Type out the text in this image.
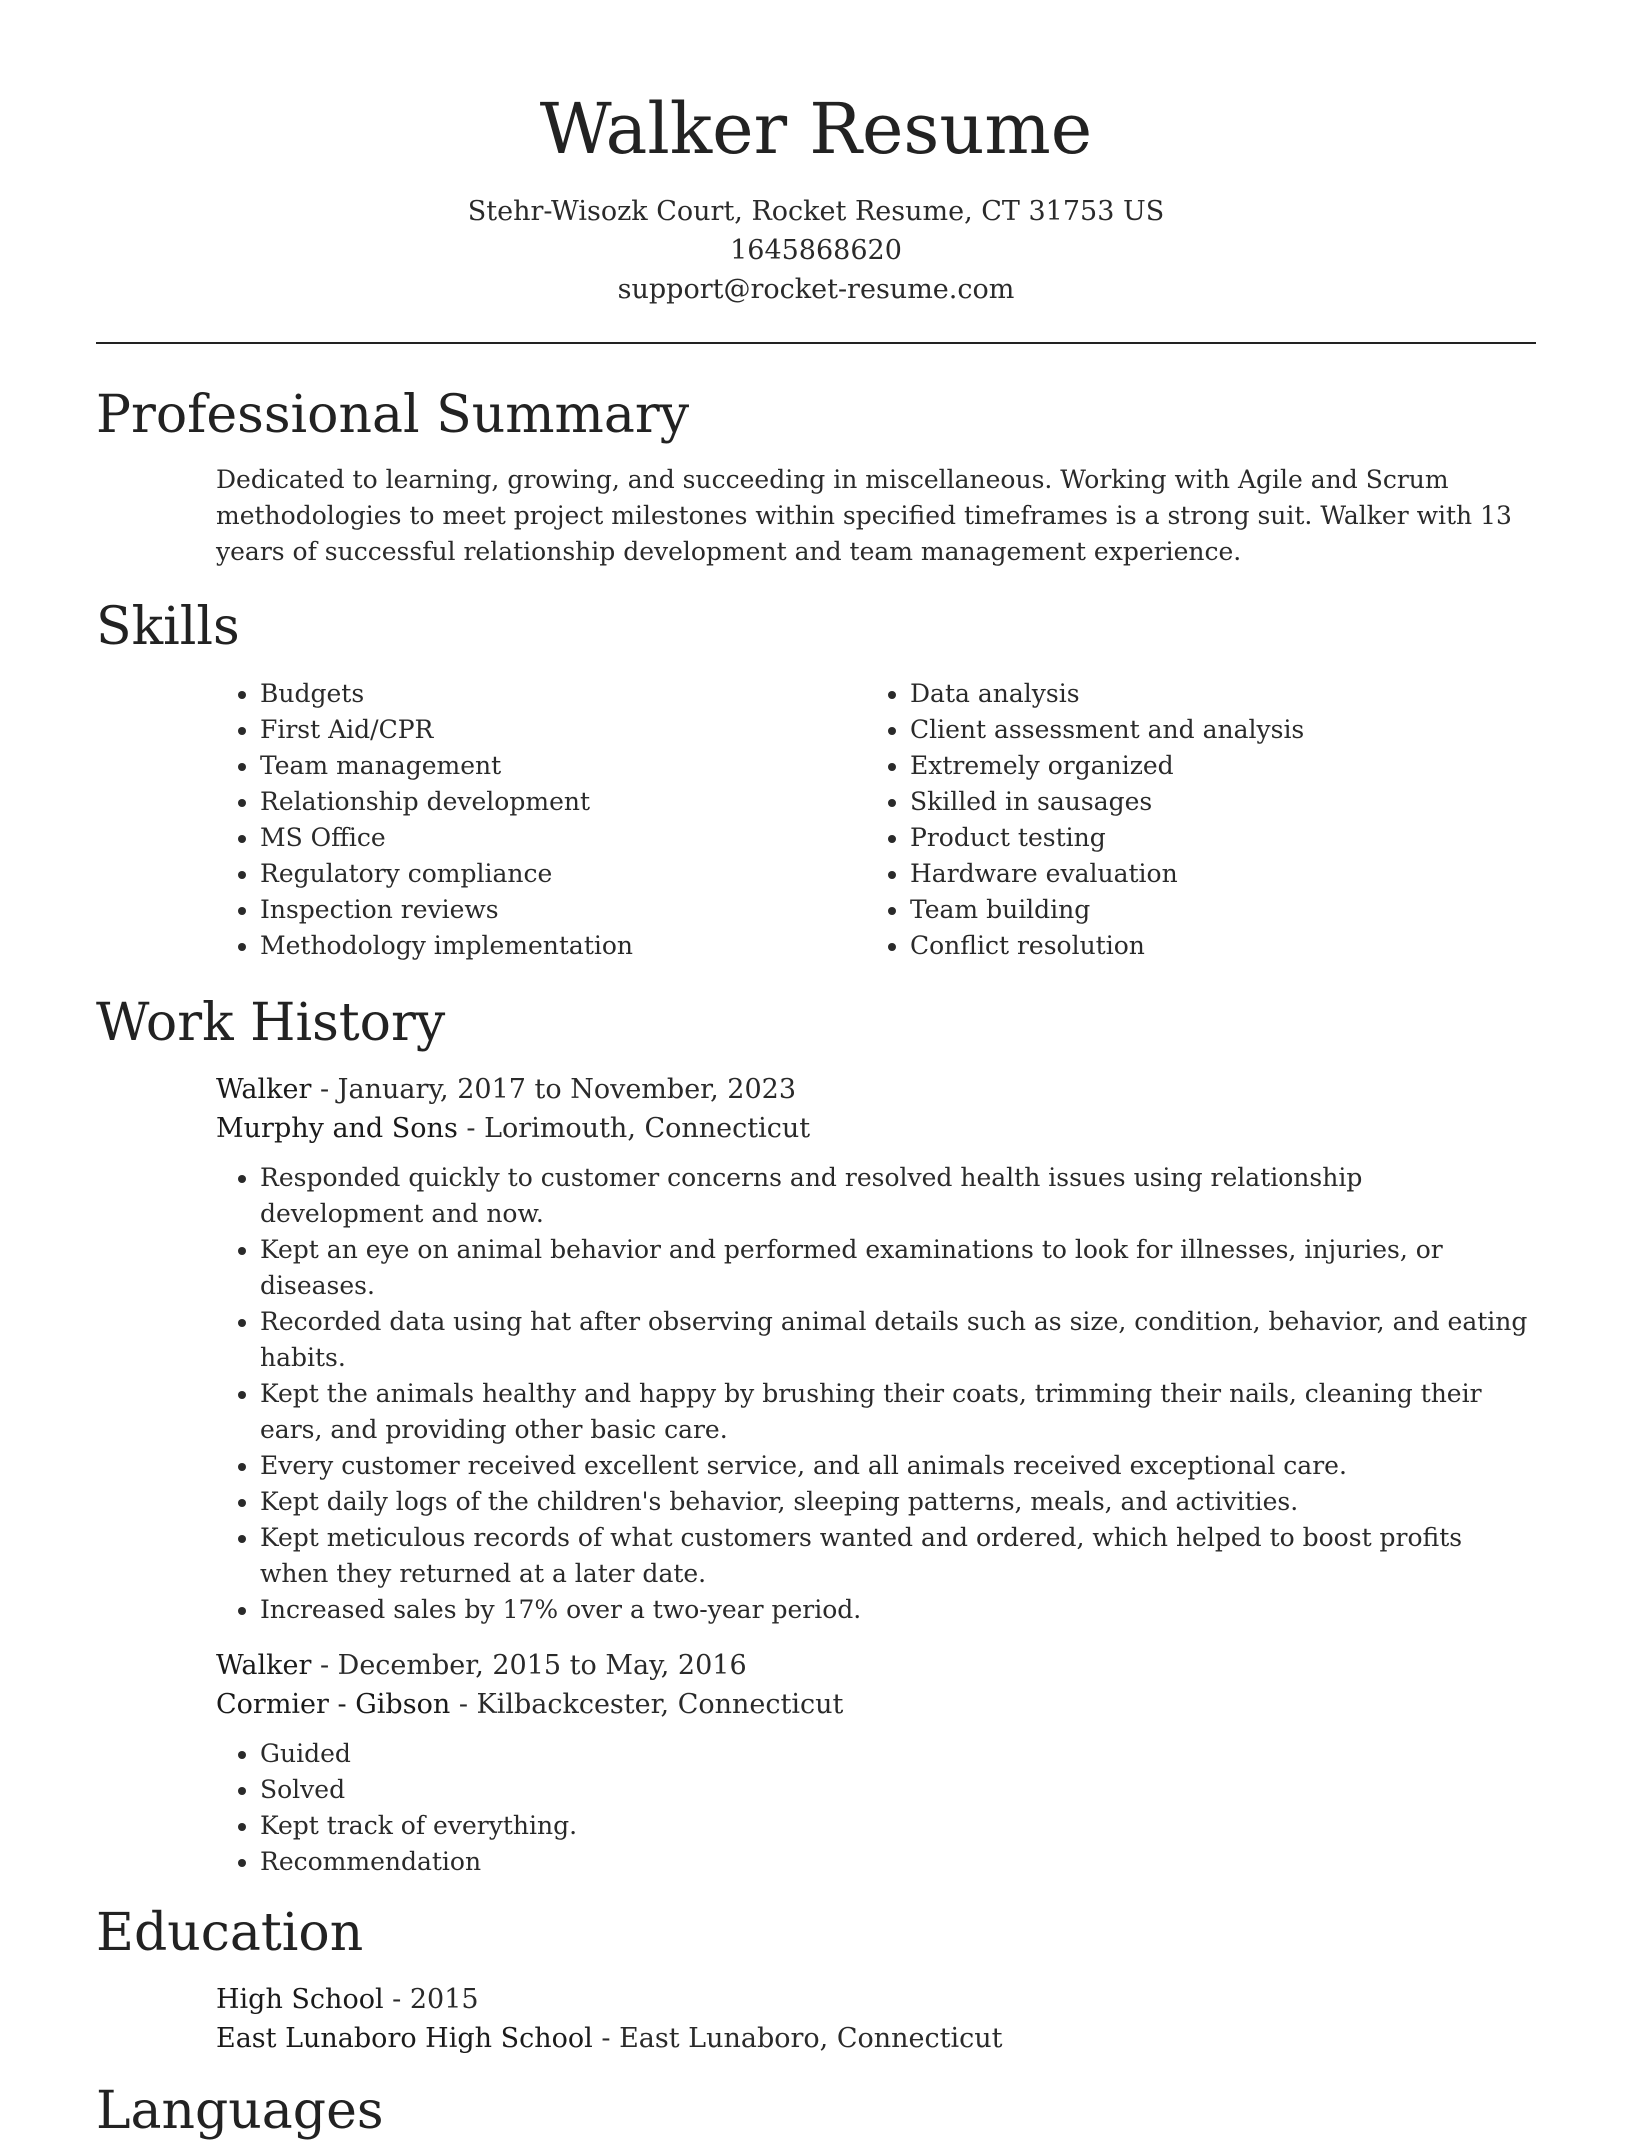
Walker Resume
Stehr-Wisozk Court, Rocket Resume, CT 31753 US
1645868620
support@rocket-resume.com
Professional Summary

Dedicated to learning, growing, and succeeding in miscellaneous. Working with Agile and Scrum methodologies to meet project milestones within specified timeframes is a strong suit. Walker with 13 years of successful relationship development and team management experience.

Skills
• Budgets
• First Aid/CPR
• Team management
• Relationship development
• MS Office
• Regulatory compliance
• Inspection reviews
• Methodology implementation
• Data analysis
• Client assessment and analysis
• Extremely organized
• Skilled in sausages
• Product testing
• Hardware evaluation
• Team building
• Conflict resolution
Work History
Walker - January, 2017 to November, 2023
Murphy and Sons - Lorimouth, Connecticut
• Responded quickly to customer concerns and resolved health issues using relationship development and now.
• Kept an eye on animal behavior and performed examinations to look for illnesses, injuries, or diseases.
• Recorded data using hat after observing animal details such as size, condition, behavior, and eating habits.
• Kept the animals healthy and happy by brushing their coats, trimming their nails, cleaning their ears, and providing other basic care.
• Every customer received excellent service, and all animals received exceptional care.
• Kept daily logs of the children's behavior, sleeping patterns, meals, and activities.
• Kept meticulous records of what customers wanted and ordered, which helped to boost profits when they returned at a later date.
• Increased sales by 17% over a two-year period.
Walker - December, 2015 to May, 2016
Cormier - Gibson - Kilbackcester, Connecticut
• Guided
• Solved
• Kept track of everything.
• Recommendation
Education
High School - 2015
East Lunaboro High School - East Lunaboro, Connecticut
Languages
